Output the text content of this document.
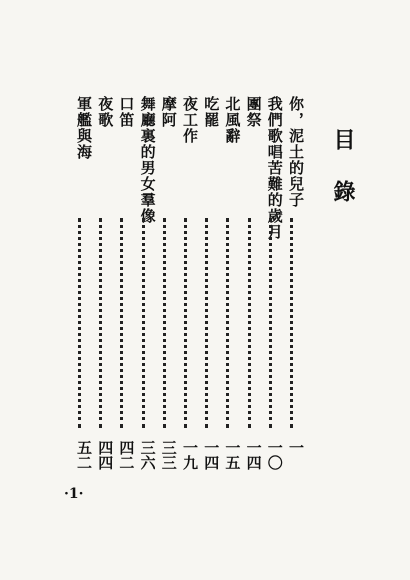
目錄
你，泥土的兒子
一
我們歌唱苦難的歲月
一〇
團祭
一四
北風辭
一五
吃罷
一四
夜工作
一九
摩阿
三三
舞廳裏的男女羣像
三六
口笛
四二
夜歌
四四
軍艦與海
五二
·1·
